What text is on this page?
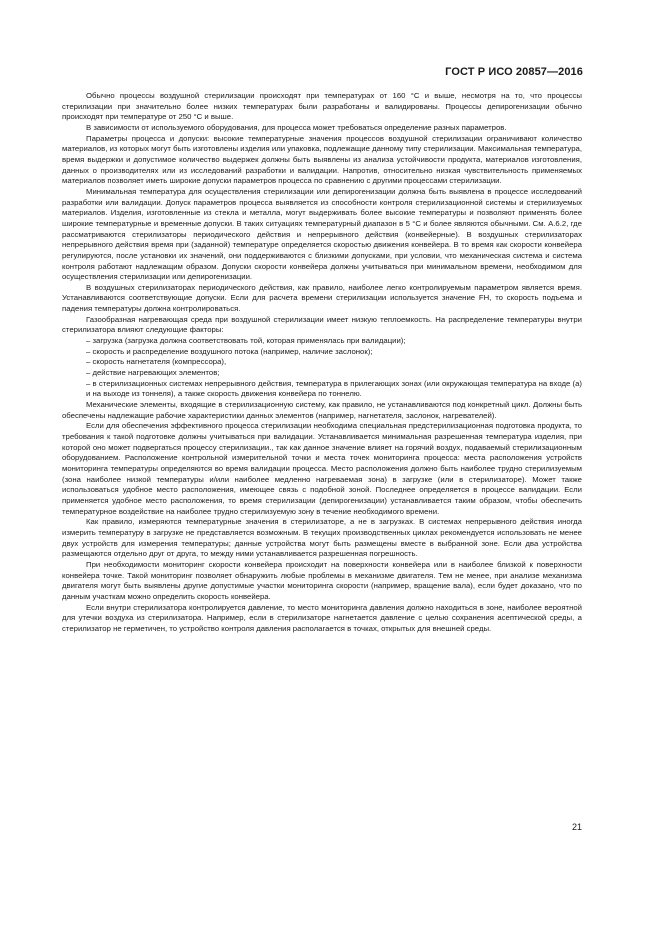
ГОСТ Р ИСО 20857—2016

Обычно процессы воздушной стерилизации происходят при температурах от 160 °С и выше, несмотря на то, что процессы стерилизации при значительно более низких температурах были разработаны и валидированы. Процессы депирогенизации обычно происходят при температуре от 250 °С и выше.

В зависимости от используемого оборудования, для процесса может требоваться определение разных параметров.

Параметры процесса и допуски: высокие температурные значения процессов воздушной стерилизации ограничивают количество материалов, из которых могут быть изготовлены изделия или упаковка, подлежащие данному типу стерилизации. Максимальная температура, время выдержки и допустимое количество выдержек должны быть выявлены из анализа устойчивости продукта, материалов изготовления, данных о производителях или из исследований разработки и валидации. Напротив, относительно низкая чувствительность применяемых материалов позволяет иметь широкие допуски параметров процесса по сравнению с другими процессами стерилизации.

Минимальная температура для осуществления стерилизации или депирогенизации должна быть выявлена в процессе исследований разработки или валидации. Допуск параметров процесса выявляется из способности контроля стерилизационной системы и стерилизуемых материалов. Изделия, изготовленные из стекла и металла, могут выдерживать более высокие температуры и позволяют применять более широкие температурные и временные допуски. В таких ситуациях температурный диапазон в 5 °С и более являются обычными. См. А.6.2, где рассматриваются стерилизаторы периодического действия и непрерывного действия (конвейерные). В воздушных стерилизаторах непрерывного действия время при (заданной) температуре определяется скоростью движения конвейера. В то время как скорости конвейера регулируются, после установки их значений, они поддерживаются с близкими допусками, при условии, что механическая система и система контроля работают надлежащим образом. Допуски скорости конвейера должны учитываться при минимальном времени, необходимом для осуществления стерилизации или депирогенизации.

В воздушных стерилизаторах периодического действия, как правило, наиболее легко контролируемым параметром является время. Устанавливаются соответствующие допуски. Если для расчета времени стерилизации используется значение FH, то скорость подъема и падения температуры должна контролироваться.

Газообразная нагревающая среда при воздушной стерилизации имеет низкую теплоемкость. На распределение температуры внутри стерилизатора влияют следующие факторы:

– загрузка (загрузка должна соответствовать той, которая применялась при валидации);

– скорость и распределение воздушного потока (например, наличие заслонок);

– скорость нагнетателя (компрессора),

– действие нагревающих элементов;

– в стерилизационных системах непрерывного действия, температура в прилегающих зонах (или окружающая температура на входе (а) и на выходе из тоннеля), а также скорость движения конвейера по тоннелю.

Механические элементы, входящие в стерилизационную систему, как правило, не устанавливаются под конкретный цикл. Должны быть обеспечены надлежащие рабочие характеристики данных элементов (например, нагнетателя, заслонок, нагревателей).

Если для обеспечения эффективного процесса стерилизации необходима специальная предстерилизационная подготовка продукта, то требования к такой подготовке должны учитываться при валидации. Устанавливается минимальная разрешенная температура изделия, при которой оно может подвергаться процессу стерилизации., так как данное значение влияет на горячий воздух, подаваемый стерилизационным оборудованием. Расположение контрольной измерительной точки и места точек мониторинга процесса: места расположения устройств мониторинга температуры определяются во время валидации процесса. Место расположения должно быть наиболее трудно стерилизуемым (зона наиболее низкой температуры и/или наиболее медленно нагреваемая зона) в загрузке (или в стерилизаторе). Может также использоваться удобное место расположения, имеющее связь с подобной зоной. Последнее определяется в процессе валидации. Если применяется удобное место расположения, то время стерилизации (депирогенизации) устанавливается таким образом, чтобы обеспечить температурное воздействие на наиболее трудно стерилизуемую зону в течение необходимого времени.

Как правило, измеряются температурные значения в стерилизаторе, а не в загрузках. В системах непрерывного действия иногда измерить температуру в загрузке не представляется возможным. В текущих производственных циклах рекомендуется использовать не менее двух устройств для измерения температуры; данные устройства могут быть размещены вместе в выбранной зоне. Если два устройства размещаются отдельно друг от друга, то между ними устанавливается разрешенная погрешность.

При необходимости мониторинг скорости конвейера происходит на поверхности конвейера или в наиболее близкой к поверхности конвейера точке. Такой мониторинг позволяет обнаружить любые проблемы в механизме двигателя. Тем не менее, при анализе механизма двигателя могут быть выявлены другие допустимые участки мониторинга скорости (например, вращение вала), если будет доказано, что по данным участкам можно определить скорость конвейера.

Если внутри стерилизатора контролируется давление, то место мониторинга давления должно находиться в зоне, наиболее вероятной для утечки воздуха из стерилизатора. Например, если в стерилизаторе нагнетается давление с целью сохранения асептической среды, а стерилизатор не герметичен, то устройство контроля давления располагается в точках, открытых для внешней среды.

21
